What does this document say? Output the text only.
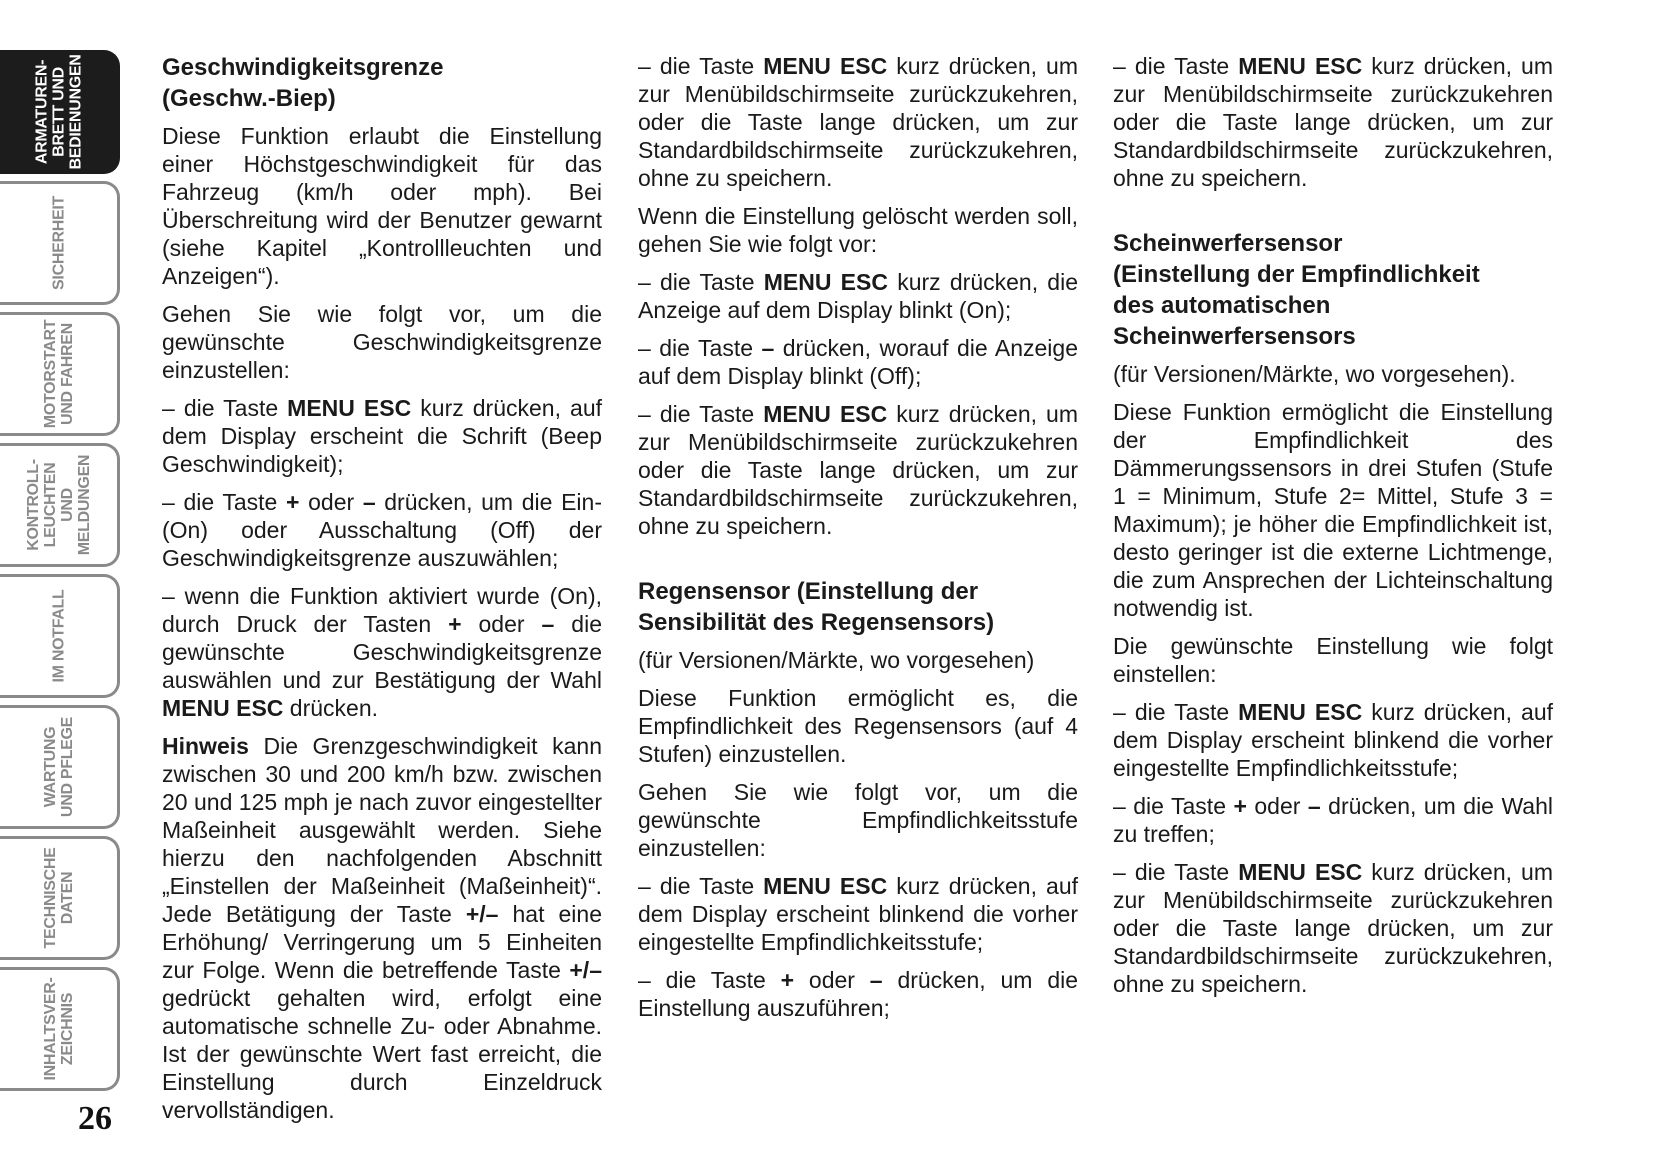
ARMATUREN-
BRETT UND
BEDIENUNGEN
SICHERHEIT
MOTORSTART
UND FAHREN
KONTROLL-
LEUCHTEN UND
MELDUNGEN
IM NOTFALL
WARTUNG
UND PFLEGE
TECHNISCHE
DATEN
INHALTSVER-
ZEICHNIS
26
Geschwindigkeitsgrenze
(Geschw.-Biep)

Diese Funktion erlaubt die Einstellung einer Höchstgeschwindigkeit für das Fahrzeug (km/h oder mph). Bei Überschreitung wird der Benutzer gewarnt (siehe Kapitel „Kontrollleuchten und Anzeigen“).

Gehen Sie wie folgt vor, um die gewünschte Geschwindigkeitsgrenze einzustellen:

– die Taste MENU ESC kurz drücken, auf dem Display erscheint die Schrift (Beep Geschwindigkeit);

– die Taste + oder – drücken, um die Ein- (On) oder Ausschaltung (Off) der Geschwindigkeitsgrenze auszuwählen;

– wenn die Funktion aktiviert wurde (On), durch Druck der Tasten + oder – die gewünschte Geschwindigkeitsgrenze auswählen und zur Bestätigung der Wahl MENU ESC drücken.

Hinweis Die Grenzgeschwindigkeit kann zwischen 30 und 200 km/h bzw. zwischen 20 und 125 mph je nach zuvor eingestellter Maßeinheit ausgewählt werden. Siehe hierzu den nachfolgenden Abschnitt „Einstellen der Maßeinheit (Maßeinheit)“. Jede Betätigung der Taste +/– hat eine Erhöhung/ Verringerung um 5 Einheiten zur Folge. Wenn die betreffende Taste +/– gedrückt gehalten wird, erfolgt eine automatische schnelle Zu- oder Abnahme. Ist der gewünschte Wert fast erreicht, die Einstellung durch Einzeldruck vervollständigen.

– die Taste MENU ESC kurz drücken, um zur Menübildschirmseite zurückzukehren, oder die Taste lange drücken, um zur Standardbildschirmseite zurückzukehren, ohne zu speichern.

Wenn die Einstellung gelöscht werden soll, gehen Sie wie folgt vor:

– die Taste MENU ESC kurz drücken, die Anzeige auf dem Display blinkt (On);

– die Taste – drücken, worauf die Anzeige auf dem Display blinkt (Off);

– die Taste MENU ESC kurz drücken, um zur Menübildschirmseite zurückzukehren oder die Taste lange drücken, um zur Standardbildschirmseite zurückzukehren, ohne zu speichern.

Regensensor (Einstellung der
Sensibilität des Regensensors)

(für Versionen/Märkte, wo vorgesehen)

Diese Funktion ermöglicht es, die Empfindlichkeit des Regensensors (auf 4 Stufen) einzustellen.

Gehen Sie wie folgt vor, um die gewünschte Empfindlichkeitsstufe einzustellen:

– die Taste MENU ESC kurz drücken, auf dem Display erscheint blinkend die vorher eingestellte Empfindlichkeitsstufe;

– die Taste + oder – drücken, um die Einstellung auszuführen;

– die Taste MENU ESC kurz drücken, um zur Menübildschirmseite zurückzukehren oder die Taste lange drücken, um zur Standardbildschirmseite zurückzukehren, ohne zu speichern.

Scheinwerfersensor
(Einstellung der Empfindlichkeit
des automatischen
Scheinwerfersensors

(für Versionen/Märkte, wo vorgesehen).

Diese Funktion ermöglicht die Einstellung der Empfindlichkeit des Dämmerungssensors in drei Stufen (Stufe 1 = Minimum, Stufe 2= Mittel, Stufe 3 = Maximum); je höher die Empfindlichkeit ist, desto geringer ist die externe Lichtmenge, die zum Ansprechen der Lichteinschaltung notwendig ist.

Die gewünschte Einstellung wie folgt einstellen:

– die Taste MENU ESC kurz drücken, auf dem Display erscheint blinkend die vorher eingestellte Empfindlichkeitsstufe;

– die Taste + oder – drücken, um die Wahl zu treffen;

– die Taste MENU ESC kurz drücken, um zur Menübildschirmseite zurückzukehren oder die Taste lange drücken, um zur Standardbildschirmseite zurückzukehren, ohne zu speichern.
